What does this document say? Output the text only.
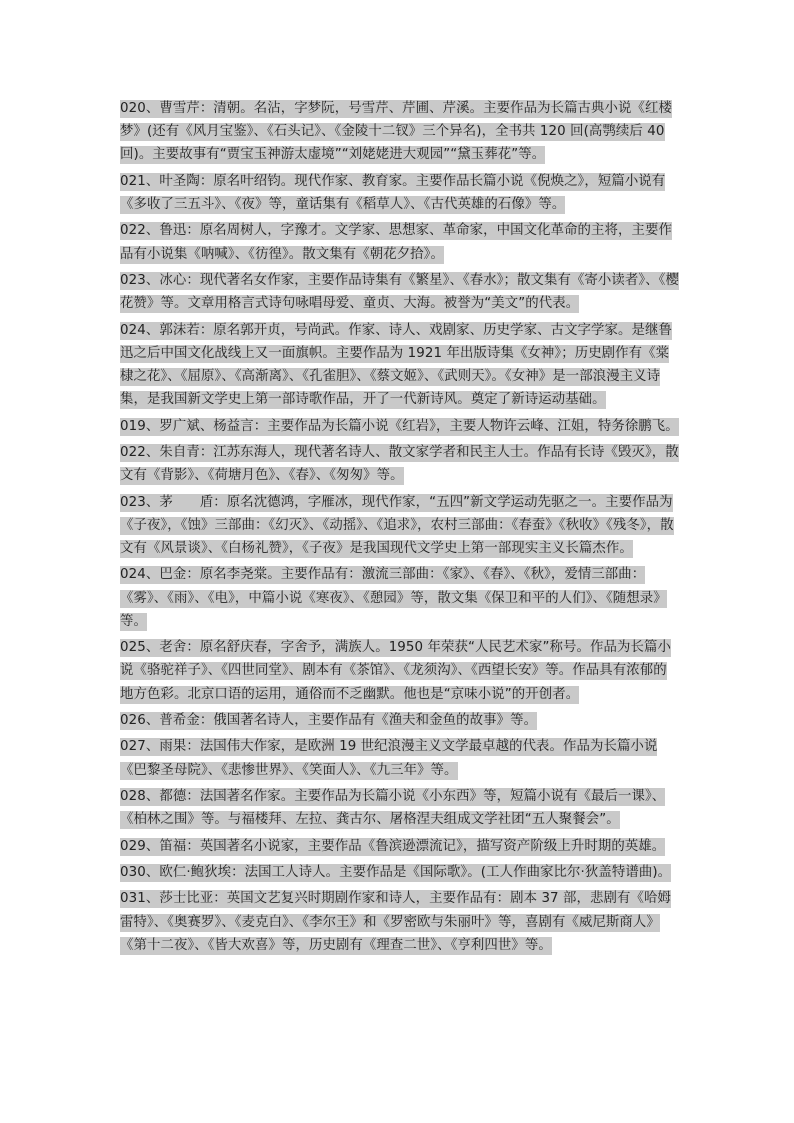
020、曹雪芹：清朝。名沾，字梦阮，号雪芹、芹圃、芹溪。主要作品为长篇古典小说《红楼梦》(还有《风月宝鉴》、《石头记》、《金陵十二钗》三个异名)，全书共 120 回(高鹗续后 40 回)。主要故事有“贾宝玉神游太虚境”“刘姥姥进大观园”“黛玉葬花”等。

021、叶圣陶：原名叶绍钧。现代作家、教育家。主要作品长篇小说《倪焕之》，短篇小说有《多收了三五斗》、《夜》等，童话集有《稻草人》、《古代英雄的石像》等。

022、鲁迅：原名周树人，字豫才。文学家、思想家、革命家，中国文化革命的主将，主要作品有小说集《呐喊》、《彷徨》。散文集有《朝花夕拾》。

023、冰心：现代著名女作家，主要作品诗集有《繁星》、《春水》；散文集有《寄小读者》、《樱花赞》等。文章用格言式诗句咏唱母爱、童贞、大海。被誉为“美文”的代表。

024、郭沫若：原名郭开贞，号尚武。作家、诗人、戏剧家、历史学家、古文字学家。是继鲁迅之后中国文化战线上又一面旗帜。主要作品为 1921 年出版诗集《女神》；历史剧作有《棠棣之花》、《屈原》、《高渐离》、《孔雀胆》、《蔡文姬》、《武则天》。《女神》是一部浪漫主义诗集，是我国新文学史上第一部诗歌作品，开了一代新诗风。奠定了新诗运动基础。

019、罗广斌、杨益言：主要作品为长篇小说《红岩》，主要人物许云峰、江姐，特务徐鹏飞。

022、朱自青：江苏东海人，现代著名诗人、散文家学者和民主人士。作品有长诗《毁灭》，散文有《背影》、《荷塘月色》、《春》、《匆匆》等。

023、茅　　盾：原名沈德鸿，字雁冰，现代作家，“五四”新文学运动先驱之一。主要作品为《子夜》，《蚀》三部曲：《幻灭》、《动摇》、《追求》，农村三部曲：《春蚕》《秋收》《残冬》，散文有《风景谈》、《白杨礼赞》，《子夜》是我国现代文学史上第一部现实主义长篇杰作。

024、巴金：原名李尧棠。主要作品有：激流三部曲：《家》、《春》、《秋》，爱情三部曲：《雾》、《雨》、《电》，中篇小说《寒夜》、《憩园》等，散文集《保卫和平的人们》、《随想录》等。

025、老舍：原名舒庆春，字舍予，满族人。1950 年荣获“人民艺术家”称号。作品为长篇小说《骆驼祥子》、《四世同堂》、剧本有《茶馆》、《龙须沟》、《西望长安》等。作品具有浓郁的地方色彩。北京口语的运用，通俗而不乏幽默。他也是“京味小说”的开创者。

026、普希金：俄国著名诗人，主要作品有《渔夫和金鱼的故事》等。

027、雨果：法国伟大作家，是欧洲 19 世纪浪漫主义文学最卓越的代表。作品为长篇小说《巴黎圣母院》、《悲惨世界》、《笑面人》、《九三年》等。

028、都德：法国著名作家。主要作品为长篇小说《小东西》等，短篇小说有《最后一课》、《柏林之围》等。与福楼拜、左拉、龚古尔、屠格涅夫组成文学社团“五人聚餐会”。

029、笛福：英国著名小说家，主要作品《鲁滨逊漂流记》，描写资产阶级上升时期的英雄。

030、欧仁·鲍狄埃：法国工人诗人。主要作品是《国际歌》。(工人作曲家比尔·狄盖特谱曲)。

031、莎士比亚：英国文艺复兴时期剧作家和诗人，主要作品有：剧本 37 部，悲剧有《哈姆雷特》、《奥赛罗》、《麦克白》、《李尔王》和《罗密欧与朱丽叶》等，喜剧有《威尼斯商人》《第十二夜》、《皆大欢喜》等，历史剧有《理查二世》、《亨利四世》等。
